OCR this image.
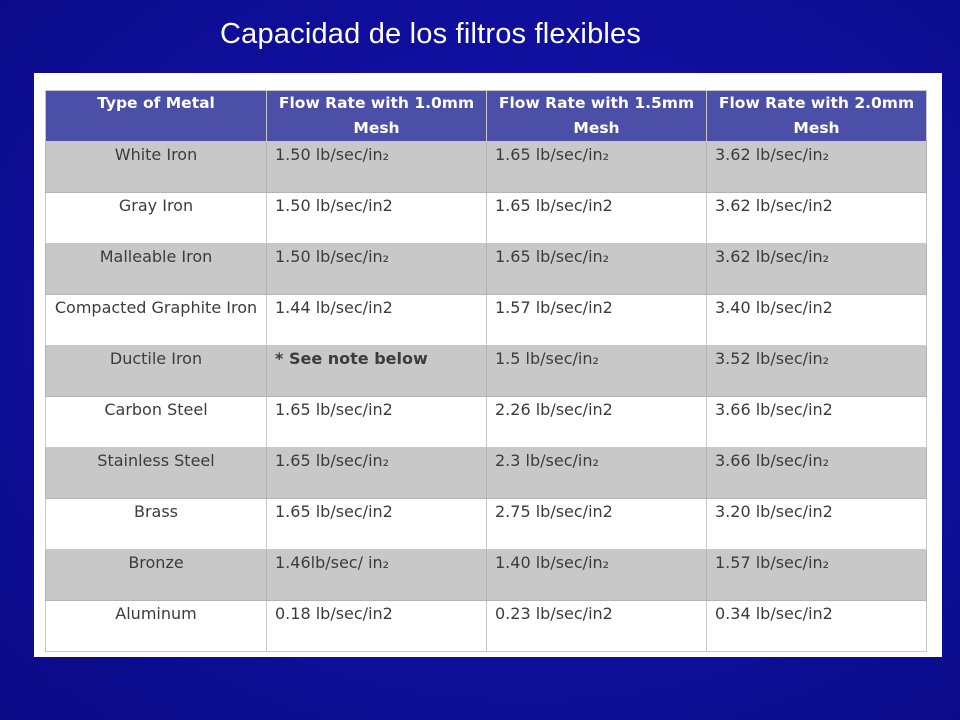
Capacidad de los filtros flexibles
Type of Metal	Flow Rate with 1.0mm Mesh	Flow Rate with 1.5mm Mesh	Flow Rate with 2.0mm Mesh
White Iron	1.50 lb/sec/in₂	1.65 lb/sec/in₂	3.62 lb/sec/in₂
Gray Iron	1.50 lb/sec/in2	1.65 lb/sec/in2	3.62 lb/sec/in2
Malleable Iron	1.50 lb/sec/in₂	1.65 lb/sec/in₂	3.62 lb/sec/in₂
Compacted Graphite Iron	1.44 lb/sec/in2	1.57 lb/sec/in2	3.40 lb/sec/in2
Ductile Iron	* See note below	1.5 lb/sec/in₂	3.52 lb/sec/in₂
Carbon Steel	1.65 lb/sec/in2	2.26 lb/sec/in2	3.66 lb/sec/in2
Stainless Steel	1.65 lb/sec/in₂	2.3 lb/sec/in₂	3.66 lb/sec/in₂
Brass	1.65 lb/sec/in2	2.75 lb/sec/in2	3.20 lb/sec/in2
Bronze	1.46lb/sec/ in₂	1.40 lb/sec/in₂	1.57 lb/sec/in₂
Aluminum	0.18 lb/sec/in2	0.23 lb/sec/in2	0.34 lb/sec/in2
